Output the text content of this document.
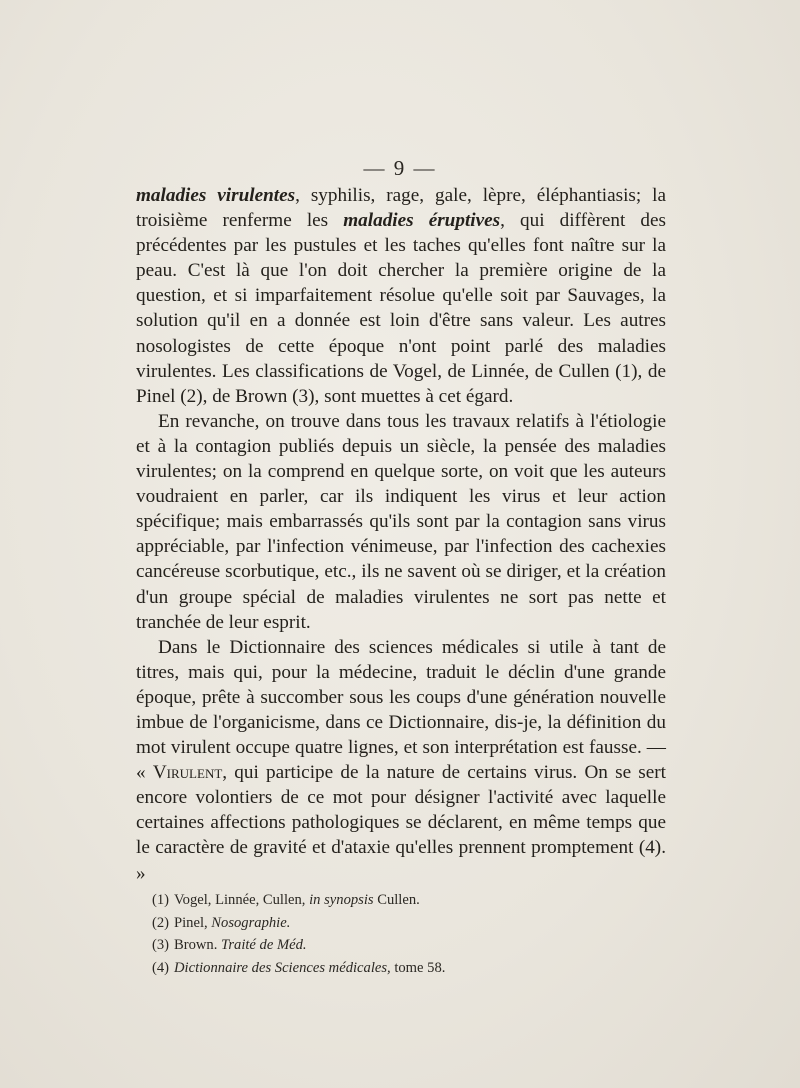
— 9 —

maladies virulentes, syphilis, rage, gale, lèpre, éléphantiasis; la troisième renferme les maladies éruptives, qui diffèrent des précédentes par les pustules et les taches qu'elles font naître sur la peau. C'est là que l'on doit chercher la première origine de la question, et si imparfaitement résolue qu'elle soit par Sauvages, la solution qu'il en a donnée est loin d'être sans valeur. Les autres nosologistes de cette époque n'ont point parlé des maladies virulentes. Les classifications de Vogel, de Linnée, de Cullen (1), de Pinel (2), de Brown (3), sont muettes à cet égard.

En revanche, on trouve dans tous les travaux relatifs à l'étiologie et à la contagion publiés depuis un siècle, la pensée des maladies virulentes; on la comprend en quelque sorte, on voit que les auteurs voudraient en parler, car ils indiquent les virus et leur action spécifique; mais embarrassés qu'ils sont par la contagion sans virus appréciable, par l'infection vénimeuse, par l'infection des cachexies cancéreuse scorbutique, etc., ils ne savent où se diriger, et la création d'un groupe spécial de maladies virulentes ne sort pas nette et tranchée de leur esprit.

Dans le Dictionnaire des sciences médicales si utile à tant de titres, mais qui, pour la médecine, traduit le déclin d'une grande époque, prête à succomber sous les coups d'une génération nouvelle imbue de l'organicisme, dans ce Dictionnaire, dis-je, la définition du mot virulent occupe quatre lignes, et son interprétation est fausse. — « Virulent, qui participe de la nature de certains virus. On se sert encore volontiers de ce mot pour désigner l'activité avec laquelle certaines affections pathologiques se déclarent, en même temps que le caractère de gravité et d'ataxie qu'elles prennent promptement (4). »

(1) Vogel, Linnée, Cullen, in synopsis Cullen.
(2) Pinel, Nosographie.
(3) Brown. Traité de Méd.
(4) Dictionnaire des Sciences médicales, tome 58.
